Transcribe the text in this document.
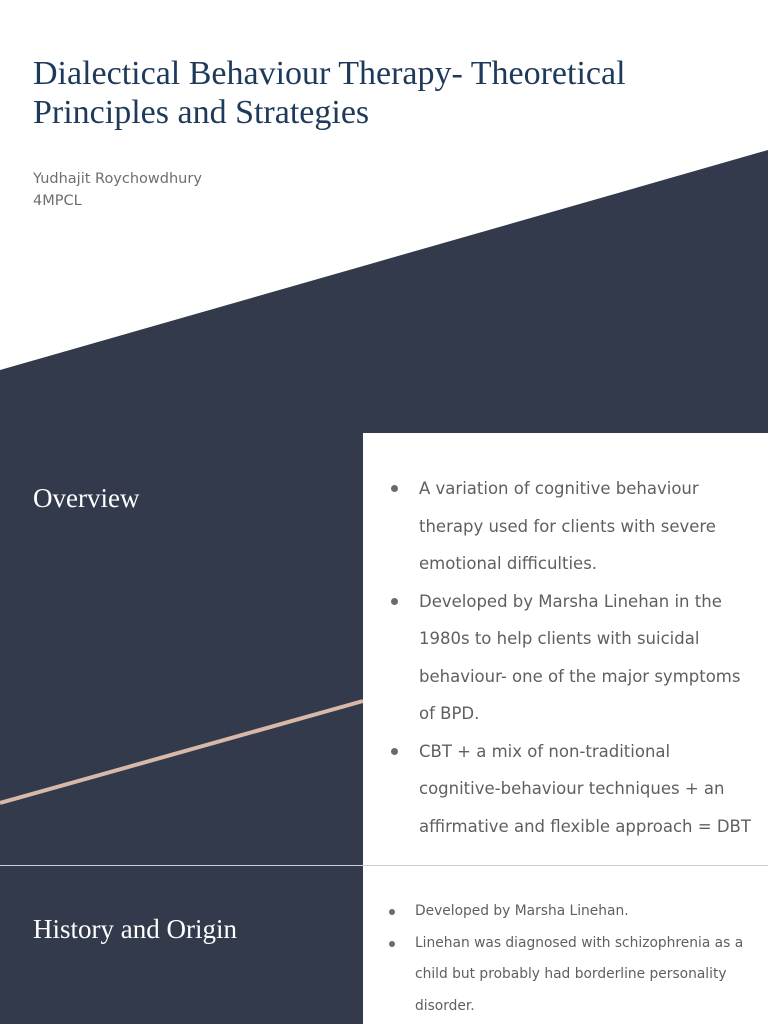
Dialectical Behaviour Therapy- Theoretical Principles and Strategies
Yudhajit Roychowdhury
4MPCL
Overview	A variation of cognitive behaviour therapy used for clients with severe emotional difficulties.
Developed by Marsha Linehan in the 1980s to help clients with suicidal behaviour- one of the major symptoms of BPD.
CBT + a mix of non-traditional cognitive-behaviour techniques + an affirmative and flexible approach = DBT
History and Origin
Developed by Marsha Linehan.
Linehan was diagnosed with schizophrenia as a child but probably had borderline personality disorder.
